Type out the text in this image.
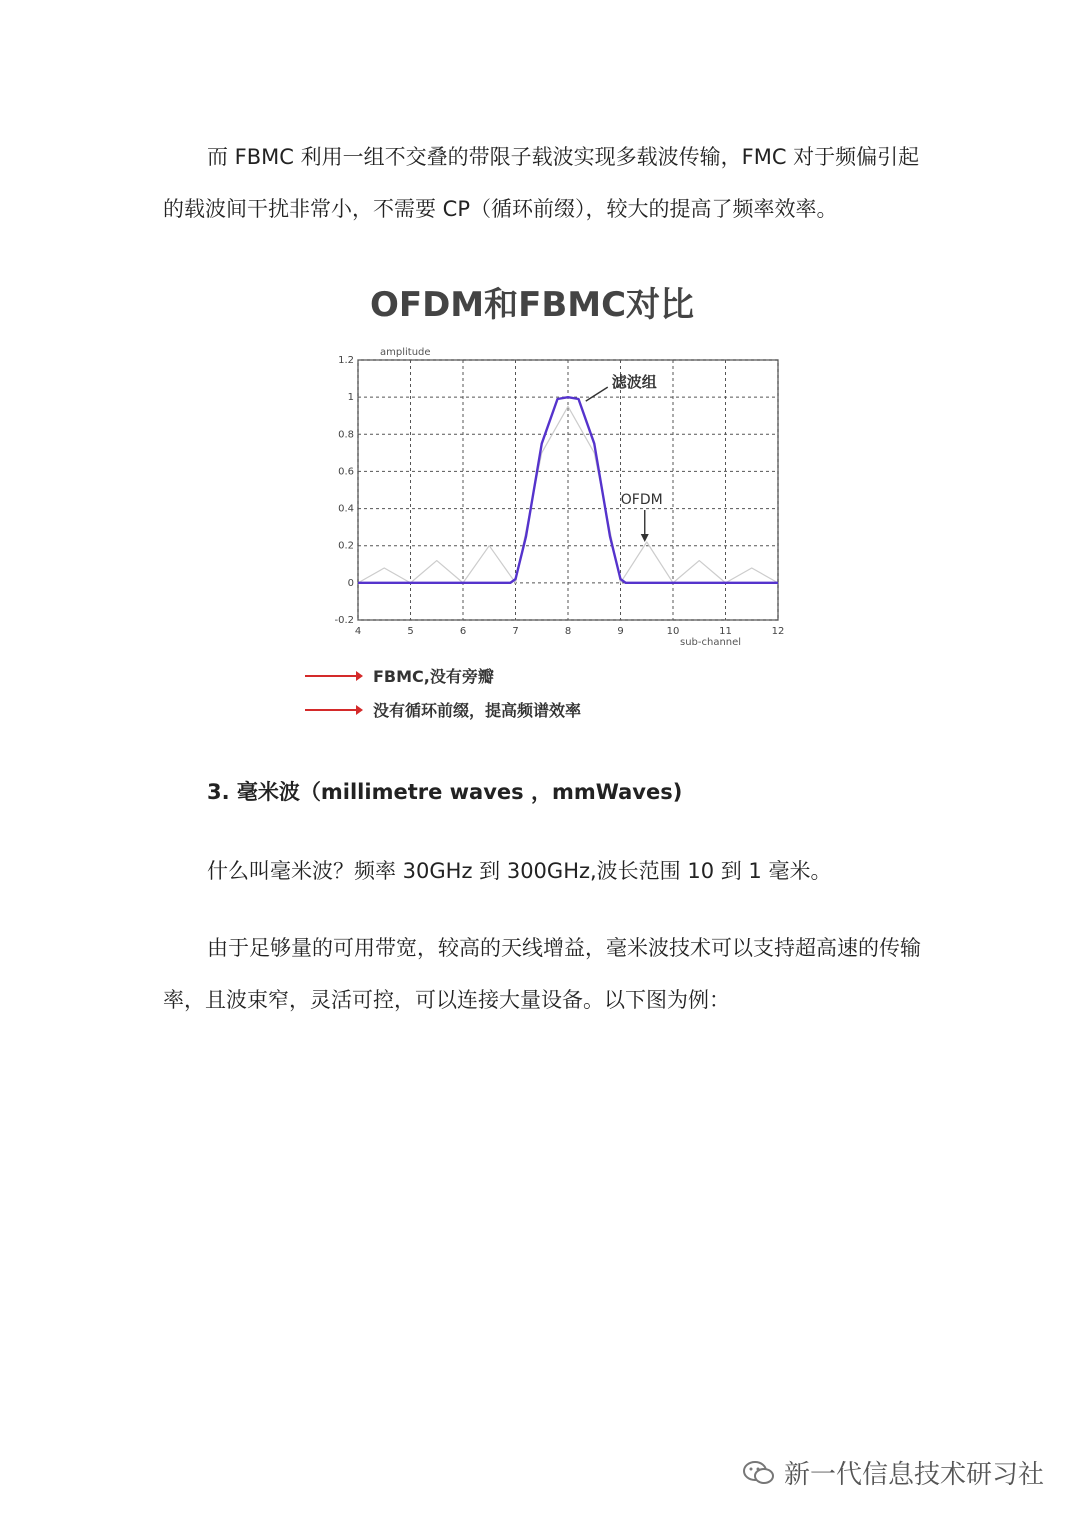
而 FBMC 利用一组不交叠的带限子载波实现多载波传输，FMC 对于频偏引起的载波间干扰非常小，不需要 CP（循环前缀），较大的提高了频率效率。

OFDM和FBMC对比
amplitude
sub-channel
4	5	6	7	8	9	10	11	12
-0.2
0
0.2
0.4
0.6
0.8
1
1.2
滤波组
OFDM
FBMC,没有旁瓣
没有循环前缀，提高频谱效率

3. 毫米波（millimetre waves ，mmWaves)

什么叫毫米波？频率 30GHz 到 300GHz,波长范围 10 到 1 毫米。

由于足够量的可用带宽，较高的天线增益，毫米波技术可以支持超高速的传输率，且波束窄，灵活可控，可以连接大量设备。以下图为例：

新一代信息技术研习社
